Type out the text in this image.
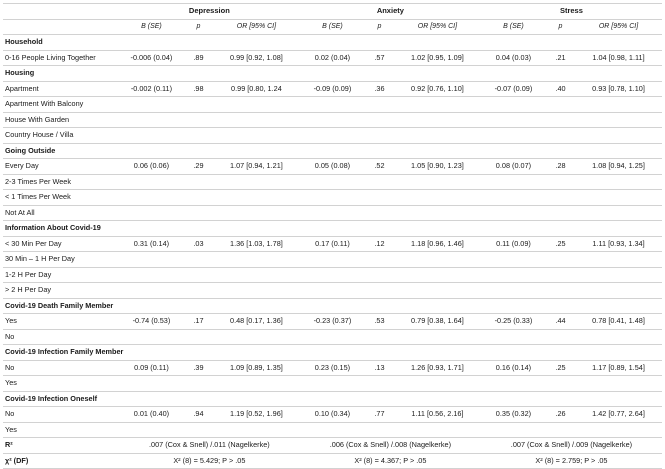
	Depression			Anxiety			Stress		
	B (SE)	p	OR [95% CI]	B (SE)	p	OR [95% CI]	B (SE)	p	OR [95% CI]
Household									
0-16 People Living Together	-0.006 (0.04)	.89	0.99 [0.92, 1.08]	0.02 (0.04)	.57	1.02 [0.95, 1.09]	0.04 (0.03)	.21	1.04 [0.98, 1.11]
Housing									
Apartment	-0.002 (0.11)	.98	0.99 [0.80, 1.24	-0.09 (0.09)	.36	0.92 [0.76, 1.10]	-0.07 (0.09)	.40	0.93 [0.78, 1.10]
Apartment With Balcony									
House With Garden									
Country House / Villa									
Going Outside									
Every Day	0.06 (0.06)	.29	1.07 [0.94, 1.21]	0.05 (0.08)	.52	1.05 [0.90, 1.23]	0.08 (0.07)	.28	1.08 [0.94, 1.25]
2-3 Times Per Week									
< 1 Times Per Week									
Not At All									
Information About Covid-19									
< 30 Min Per Day	0.31 (0.14)	.03	1.36 [1.03, 1.78]	0.17 (0.11)	.12	1.18 [0.96, 1.46]	0.11 (0.09)	.25	1.11 [0.93, 1.34]
30 Min – 1 H Per Day									
1-2 H Per Day									
> 2 H Per Day									
Covid-19 Death Family Member									
Yes	-0.74 (0.53)	.17	0.48 [0.17, 1.36]	-0.23 (0.37)	.53	0.79 [0.38, 1.64]	-0.25 (0.33)	.44	0.78 [0.41, 1.48]
No									
Covid-19 Infection Family Member									
No	0.09 (0.11)	.39	1.09 [0.89, 1.35]	0.23 (0.15)	.13	1.26 [0.93, 1.71]	0.16 (0.14)	.25	1.17 [0.89, 1.54]
Yes									
Covid-19 Infection Oneself									
No	0.01 (0.40)	.94	1.19 [0.52, 1.96]	0.10 (0.34)	.77	1.11 [0.56, 2.16]	0.35 (0.32)	.26	1.42 [0.77, 2.64]
Yes									
R²	.007 (Cox & Snell) /.011 (Nagelkerke)			.006 (Cox & Snell) /.008 (Nagelkerke)			.007 (Cox & Snell) /.009 (Nagelkerke)		
χ² (DF)	X² (8) = 5.429; P > .05			X² (8) = 4.367; P > .05			X² (8) = 2.759; P > .05		
